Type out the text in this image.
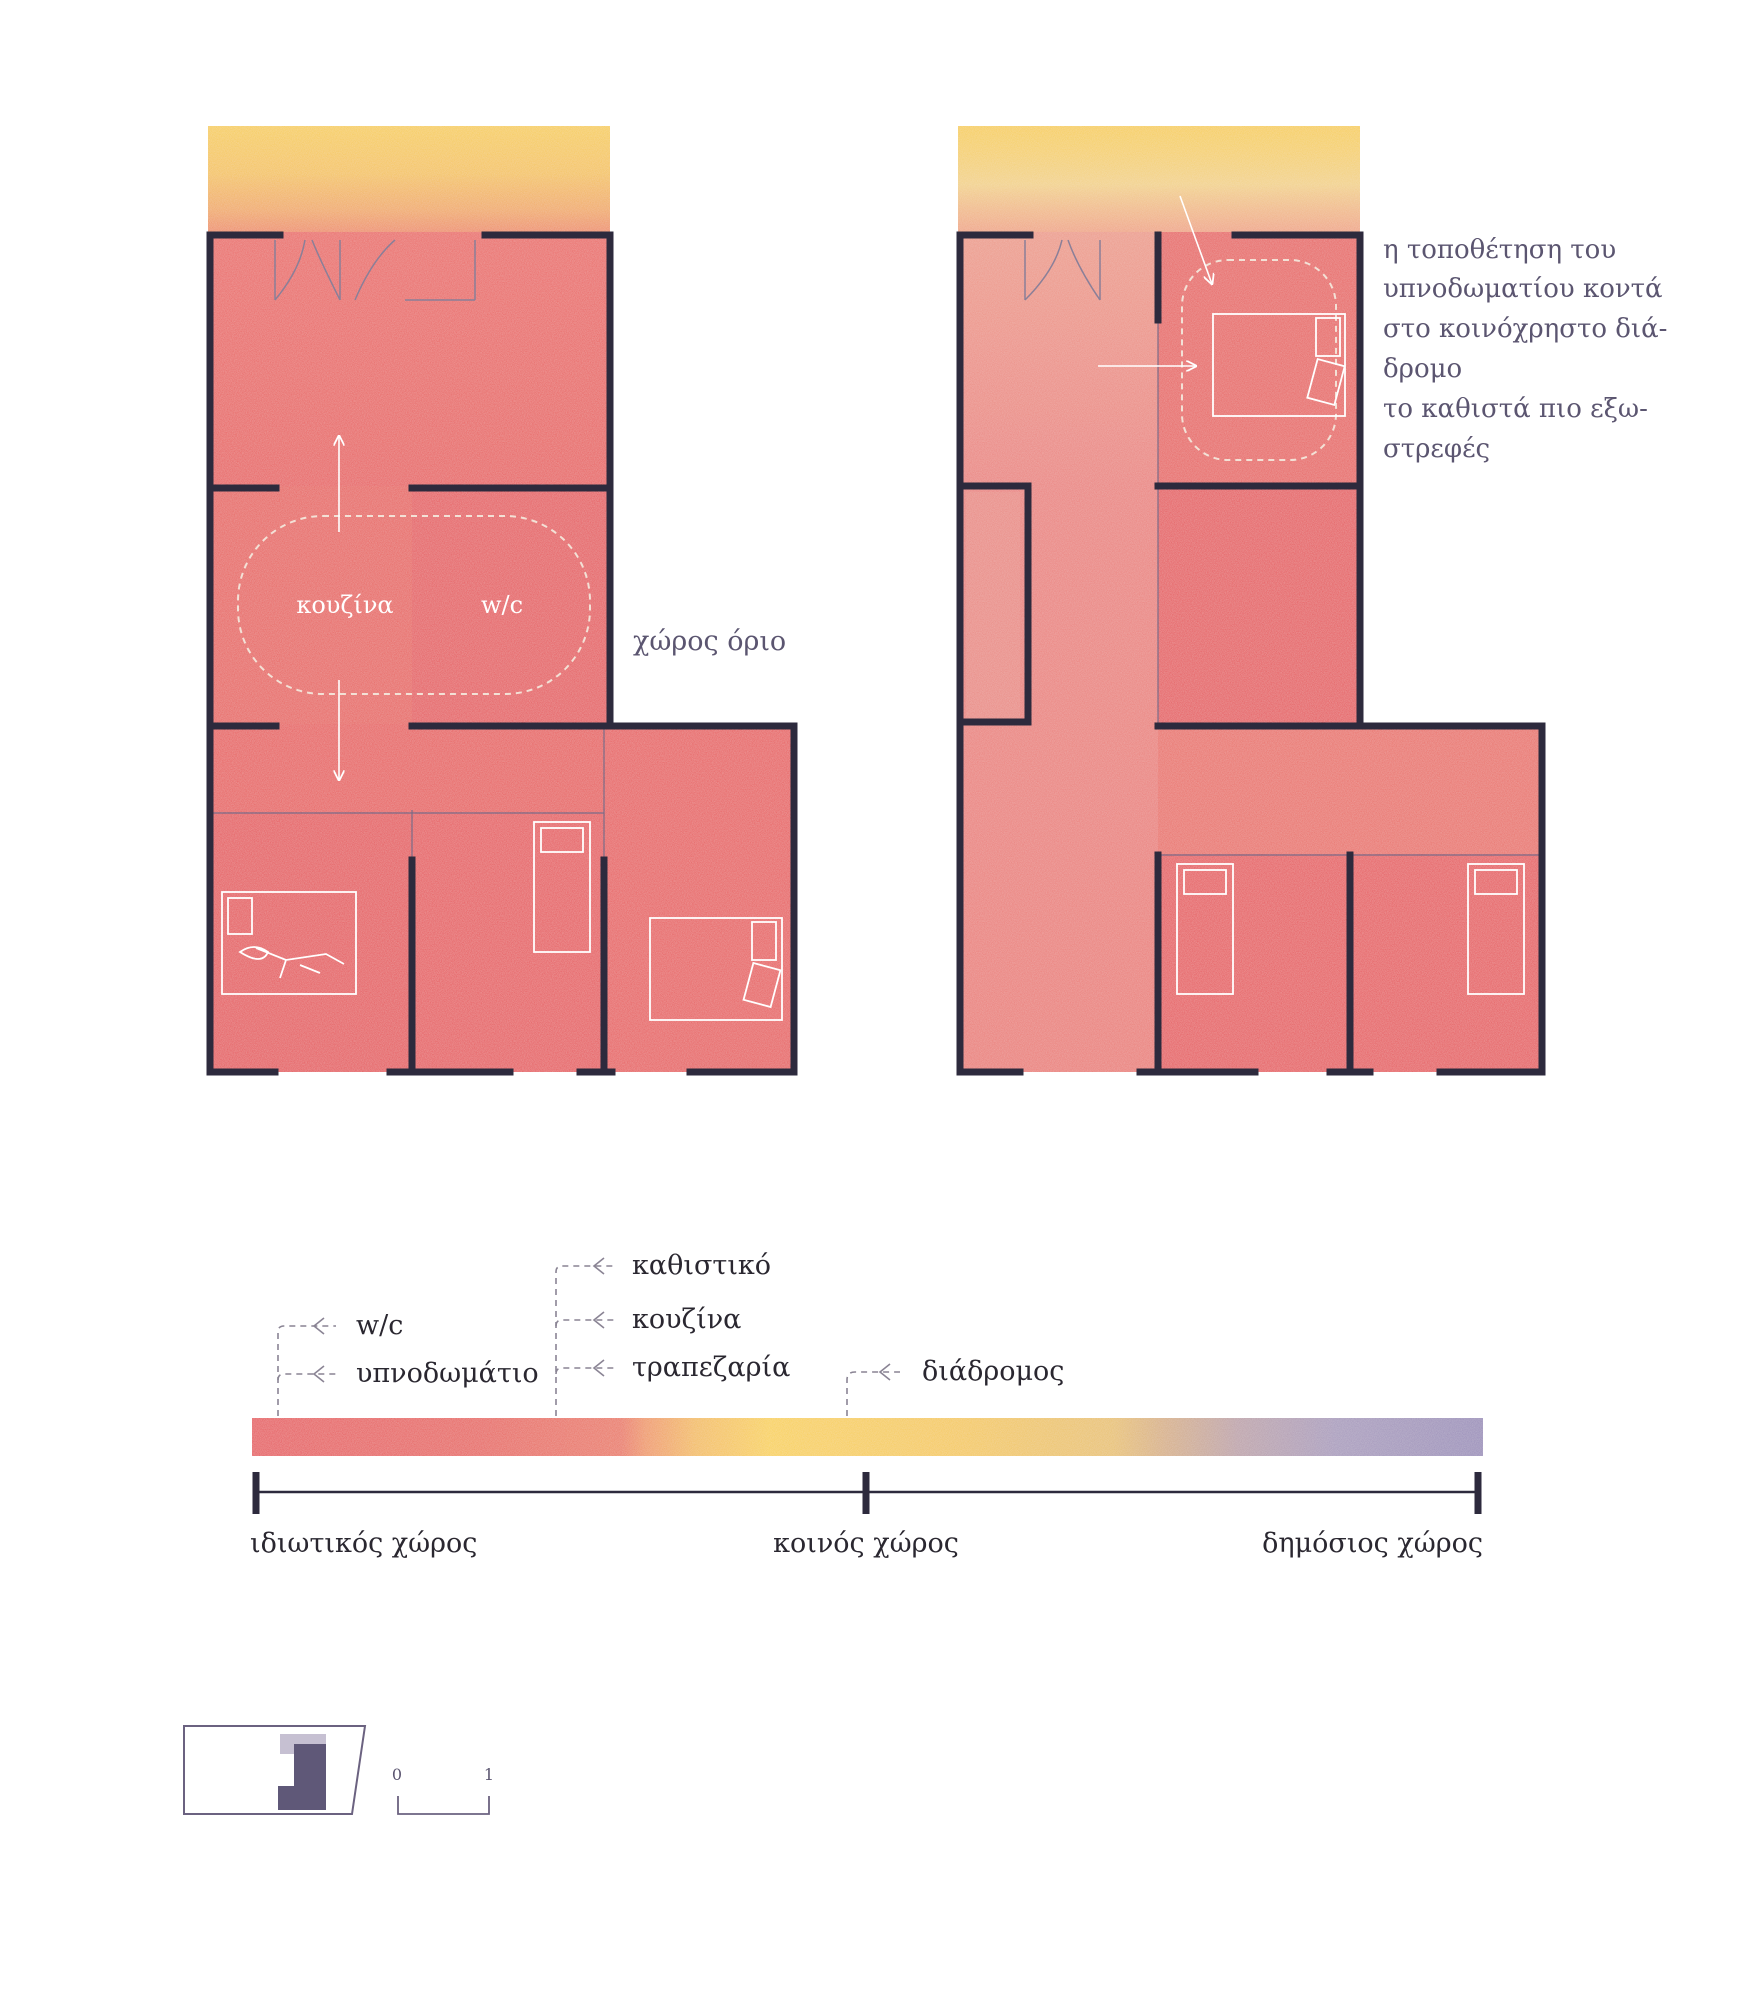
κουζίνα	w/c
χώρος όριο
η τοποθέτηση του
υπνοδωματίου κοντά
στο κοινόχρηστο διά-
δρομο
το καθιστά πιο εξω-
στρεφές
w/c
υπνοδωμάτιο
καθιστικό
κουζίνα
τραπεζαρία	διάδρομος
ιδιωτικός χώρος	κοινός χώρος	δημόσιος χώρος
0	1
